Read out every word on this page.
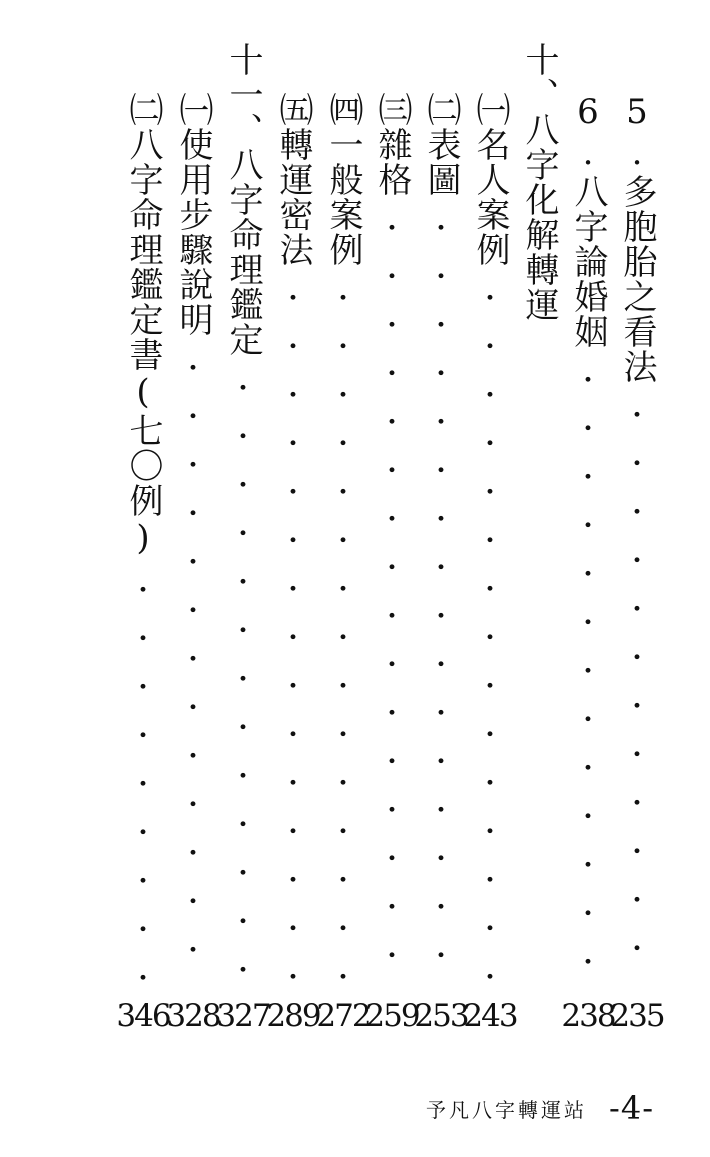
5.多胞胎之看法
235
6.八字論婚姻
238
十、八字化解轉運
㈠名人案例
243
㈡表圖
253
㈢雜格
259
㈣一般案例
272
㈤轉運密法
289
十一、八字命理鑑定
327
㈠使用步驟說明
328
㈡八字命理鑑定書(七〇例)
346
予凡八字轉運站 -4-
